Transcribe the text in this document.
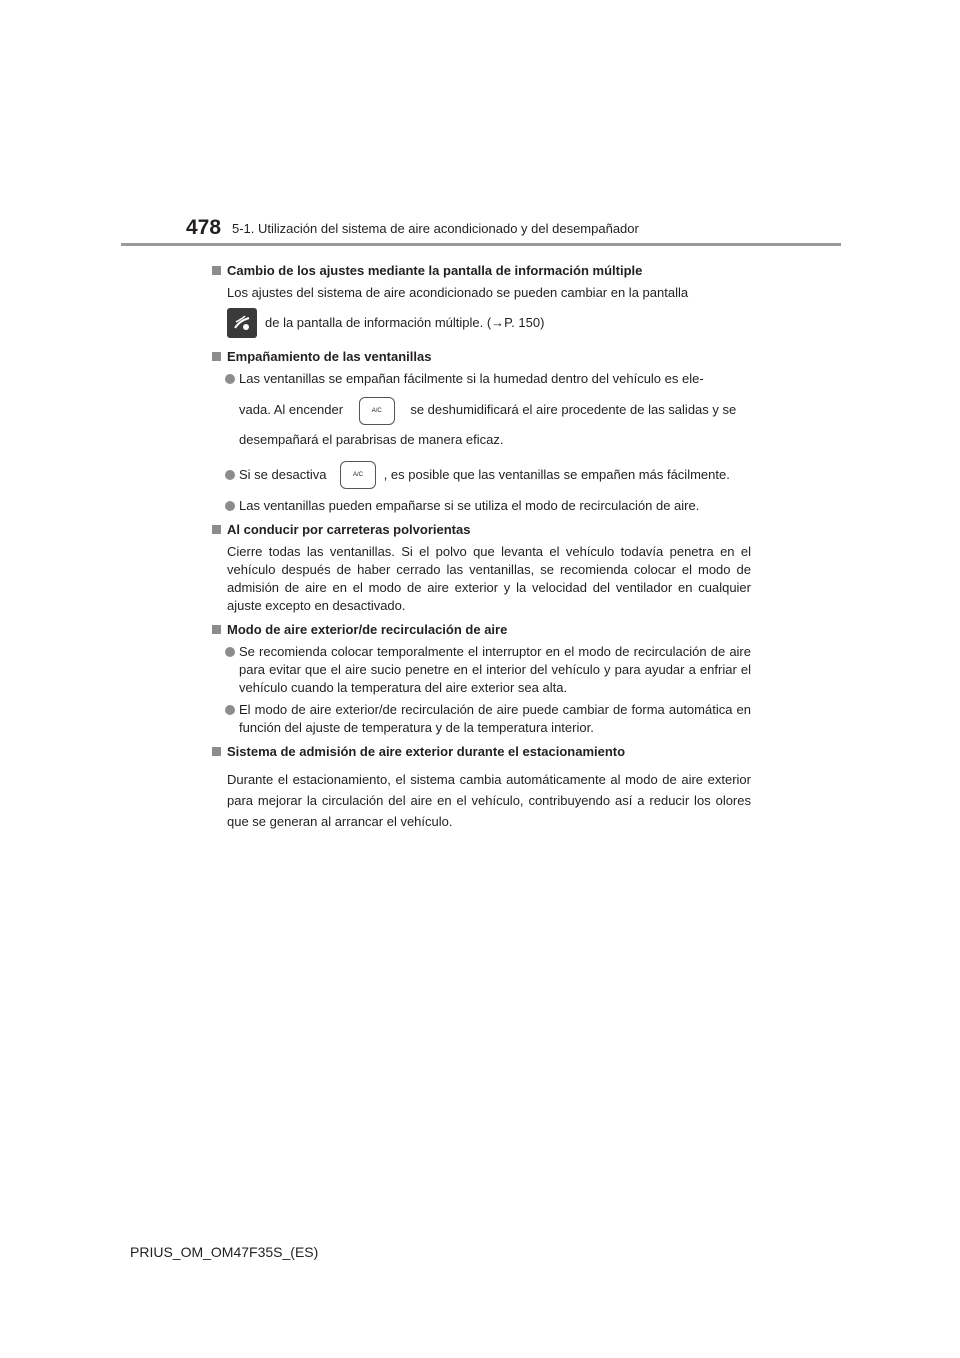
478 5-1. Utilización del sistema de aire acondicionado y del desempañador
Cambio de los ajustes mediante la pantalla de información múltiple
Los ajustes del sistema de aire acondicionado se pueden cambiar en la pantalla
de la pantalla de información múltiple. (→P. 150)
Empañamiento de las ventanillas
Las ventanillas se empañan fácilmente si la humedad dentro del vehículo es ele-
vada. Al encender	A/C se deshumidificará el aire procedente de las salidas y se
desempañará el parabrisas de manera eficaz.
Si se desactiva	A/C , es posible que las ventanillas se empañen más fácilmente.
Las ventanillas pueden empañarse si se utiliza el modo de recirculación de aire.
Al conducir por carreteras polvorientas
Cierre todas las ventanillas. Si el polvo que levanta el vehículo todavía penetra en el vehículo después de haber cerrado las ventanillas, se recomienda colocar el modo de admisión de aire en el modo de aire exterior y la velocidad del ventilador en cualquier ajuste excepto en desactivado.
Modo de aire exterior/de recirculación de aire
Se recomienda colocar temporalmente el interruptor en el modo de recirculación de aire para evitar que el aire sucio penetre en el interior del vehículo y para ayudar a enfriar el vehículo cuando la temperatura del aire exterior sea alta.
El modo de aire exterior/de recirculación de aire puede cambiar de forma automática en función del ajuste de temperatura y de la temperatura interior.
Sistema de admisión de aire exterior durante el estacionamiento
Durante el estacionamiento, el sistema cambia automáticamente al modo de aire exterior para mejorar la circulación del aire en el vehículo, contribuyendo así a reducir los olores que se generan al arrancar el vehículo.
PRIUS_OM_OM47F35S_(ES)
